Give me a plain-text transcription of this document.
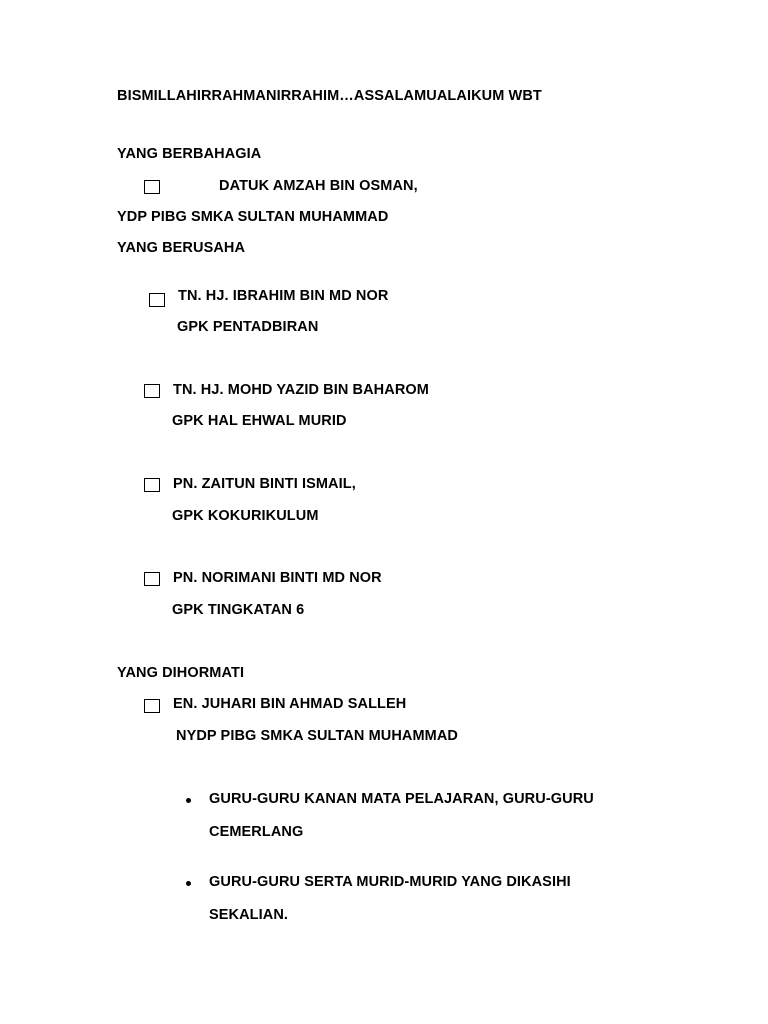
BISMILLAHIRRAHMANIRRAHIM…ASSALAMUALAIKUM WBT
YANG BERBAHAGIA
DATUK AMZAH BIN OSMAN,
YDP PIBG SMKA SULTAN MUHAMMAD
YANG BERUSAHA
TN. HJ. IBRAHIM BIN MD NOR
GPK PENTADBIRAN
TN. HJ. MOHD YAZID BIN BAHAROM
GPK HAL EHWAL MURID
PN. ZAITUN BINTI ISMAIL,
GPK KOKURIKULUM
PN. NORIMANI BINTI MD NOR
GPK TINGKATAN 6
YANG DIHORMATI
EN. JUHARI BIN AHMAD SALLEH
NYDP PIBG SMKA SULTAN MUHAMMAD
GURU-GURU KANAN MATA PELAJARAN, GURU-GURU
CEMERLANG
GURU-GURU SERTA MURID-MURID YANG DIKASIHI
SEKALIAN.
